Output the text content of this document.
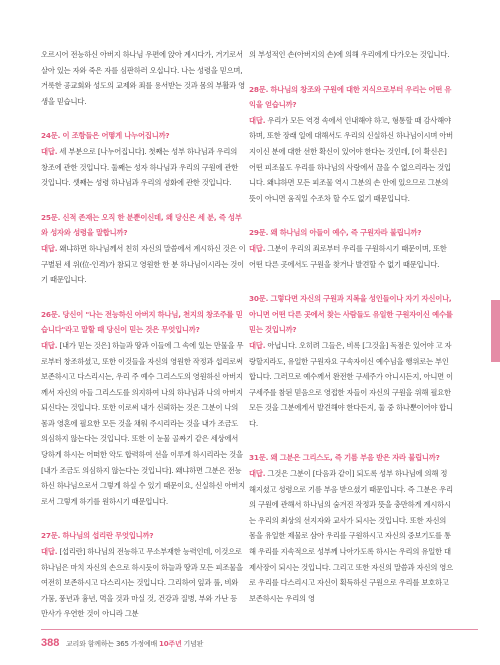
오르시어 전능하신 아버지 하나님 우편에 앉아 계시다가, 거기로서 살아 있는 자와 죽은 자를 심판하러 오십니다. 나는 성령을 믿으며, 거룩한 공교회와 성도의 교제와 죄를 용서받는 것과 몸의 부활과 영생을 믿습니다.

24문. 이 조항들은 어떻게 나누어집니까?

대답. 세 부분으로 [나누어집니다]. 첫째는 성부 하나님과 우리의 창조에 관한 것입니다. 둘째는 성자 하나님과 우리의 구원에 관한 것입니다. 셋째는 성령 하나님과 우리의 성화에 관한 것입니다.

25문. 신적 존재는 오직 한 분뿐이신데, 왜 당신은 세 분, 즉 성부와 성자와 성령을 말합니까?

대답. 왜냐하면 하나님께서 친히 자신의 말씀에서 계시하신 것은 이 구별된 세 위(位-인격)가 참되고 영원한 한 분 하나님이시라는 것이기 때문입니다.

26문. 당신이 "나는 전능하신 아버지 하나님, 천지의 창조주를 믿습니다"라고 말할 때 당신이 믿는 것은 무엇입니까?

대답. [내가 믿는 것은] 하늘과 땅과 이들에 그 속에 있는 만물을 무로부터 창조하셨고, 또한 이것들을 자신의 영원한 작정과 섭리로써 보존하시고 다스리시는, 우리 주 예수 그리스도의 영원하신 아버지께서 자신의 아들 그리스도를 의지하여 나의 하나님과 나의 아버지 되신다는 것입니다. 또한 이로써 내가 신뢰하는 것은 그분이 나의 몸과 영혼에 필요한 모든 것을 채워 주시리라는 것을 내가 조금도 의심하지 않는다는 것입니다. 또한 이 눈물 골짜기 같은 세상에서 당하게 하시는 어떠한 악도 합력하여 선을 이루게 하시리라는 것을 [내가 조금도 의심하지 않는다는 것입니다]. 왜냐하면 그분은 전능하신 하나님으로서 그렇게 하실 수 있기 때문이요, 신실하신 아버지로서 그렇게 하기를 원하시기 때문입니다.

27문. 하나님의 섭리란 무엇입니까?

대답. [섭리란] 하나님의 전능하고 무소부재한 능력인데, 이것으로 하나님은 마치 자신의 손으로 하시듯이 하늘과 땅과 모든 피조물을 여전히 보존하시고 다스리시는 것입니다. 그리하여 잎과 풀, 비와 가뭄, 풍년과 흉년, 먹을 것과 마실 것, 건강과 질병, 부와 가난 등 만사가 우연한 것이 아니라 그분

의 부성적인 손(아버지의 손)에 의해 우리에게 다가오는 것입니다.

28문. 하나님의 창조와 구원에 대한 지식으로부터 우리는 어떤 유익을 얻습니까?

대답. 우리가 모든 역경 속에서 인내해야 하고, 형통할 때 감사해야 하며, 또한 장래 일에 대해서도 우리의 신실하신 하나님이시며 아버지이신 분에 대한 선한 확신이 있어야 한다는 것인데, [이 확신은] 어떤 피조물도 우리를 하나님의 사랑에서 끊을 수 없으리라는 것입니다. 왜냐하면 모든 피조물 역시 그분의 손 안에 있으므로 그분의 뜻이 아니면 움직일 수조차 할 수도 없기 때문입니다.

29문. 왜 하나님의 아들이 예수, 즉 구원자라 불립니까?

대답. 그분이 우리의 죄로부터 우리를 구원하시기 때문이며, 또한 어떤 다른 곳에서도 구원을 찾거나 발견할 수 없기 때문입니다.

30문. 그렇다면 자신의 구원과 지복을 성인들이나 자기 자신이나, 아니면 어떤 다른 곳에서 찾는 사람들도 유일한 구원자이신 예수를 믿는 것입니까?

대답. 아닙니다. 오히려 그들은, 비록 [그것을] 독점은 있어야 고 자랑할지라도, 유일한 구원자요 구속자이신 예수님을 행위로는 부인합니다. 그러므로 예수께서 완전한 구세주가 아니시든지, 아니면 이 구세주를 참된 믿음으로 영접한 자들이 자신의 구원을 위해 필요한 모든 것을 그분에게서 발견해야 한다든지, 둘 중 하나뿐이어야 합니다.

31문. 왜 그분은 그리스도, 즉 기름 부음 받은 자라 불립니까?

대답. 그것은 그분이 [다음과 같이] 되도록 성부 하나님에 의해 정해지셨고 성령으로 기름 부음 받으셨기 때문입니다. 즉 그분은 우리의 구원에 관해서 하나님의 숨겨진 작정과 뜻을 충만하게 계시하시는 우리의 최상의 선지자와 교사가 되시는 것입니다. 또한 자신의 몸을 유일한 제물로 삼아 우리를 구원하시고 자신의 중보기도를 통해 우리를 지속적으로 성부께 나아가도록 하시는 우리의 유일한 대제사장이 되시는 것입니다. 그리고 또한 자신의 말씀과 자신의 영으로 우리를 다스리시고 자신이 획득하신 구원으로 우리를 보호하고 보존하시는 우리의 영

388 교리와 함께하는 365 가정예배 10주년 기념판
